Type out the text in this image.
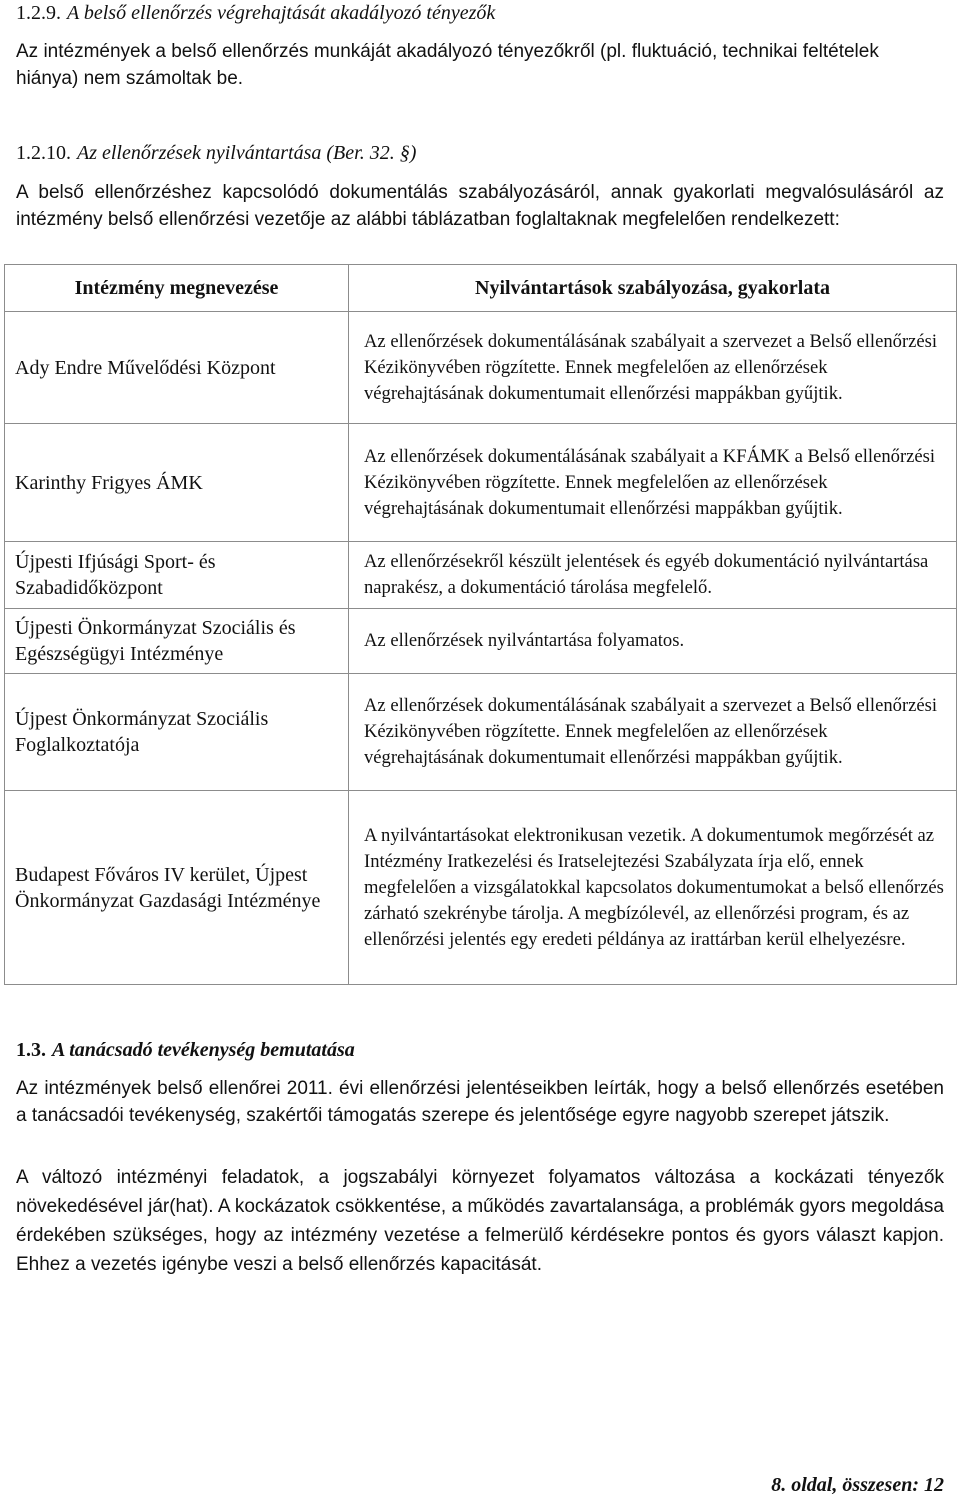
1.2.9. A belső ellenőrzés végrehajtását akadályozó tényezők

Az intézmények a belső ellenőrzés munkáját akadályozó tényezőkről (pl. fluktuáció, technikai feltételek hiánya) nem számoltak be.

1.2.10. Az ellenőrzések nyilvántartása (Ber. 32. §)

A belső ellenőrzéshez kapcsolódó dokumentálás szabályozásáról, annak gyakorlati megvalósulásáról az intézmény belső ellenőrzési vezetője az alábbi táblázatban foglaltaknak megfelelően rendelkezett:

1.3. A tanácsadó tevékenység bemutatása

Az intézmények belső ellenőrei 2011. évi ellenőrzési jelentéseikben leírták, hogy a belső ellenőrzés esetében a tanácsadói tevékenység, szakértői támogatás szerepe és jelentősége egyre nagyobb szerepet játszik.

A változó intézményi feladatok, a jogszabályi környezet folyamatos változása a kockázati tényezők növekedésével jár(hat). A kockázatok csökkentése, a működés zavartalansága, a problémák gyors megoldása érdekében szükséges, hogy az intézmény vezetése a felmerülő kérdésekre pontos és gyors választ kapjon. Ehhez a vezetés igénybe veszi a belső ellenőrzés kapacitását.

Intézmény megnevezése	Nyilvántartások szabályozása, gyakorlata
Ady Endre Művelődési Központ	Az ellenőrzések dokumentálásának szabályait a szervezet a Belső ellenőrzési Kézikönyvében rögzítette. Ennek megfelelően az ellenőrzések végrehajtásának dokumentumait ellenőrzési mappákban gyűjtik.
Karinthy Frigyes ÁMK	Az ellenőrzések dokumentálásának szabályait a KFÁMK a Belső ellenőrzési Kézikönyvében rögzítette. Ennek megfelelően az ellenőrzések végrehajtásának dokumentumait ellenőrzési mappákban gyűjtik.
Újpesti Ifjúsági Sport- és Szabadidőközpont	Az ellenőrzésekről készült jelentések és egyéb dokumentáció nyilvántartása naprakész, a dokumentáció tárolása megfelelő.
Újpesti Önkormányzat Szociális és Egészségügyi Intézménye	Az ellenőrzések nyilvántartása folyamatos.
Újpest Önkormányzat Szociális Foglalkoztatója	Az ellenőrzések dokumentálásának szabályait a szervezet a Belső ellenőrzési Kézikönyvében rögzítette. Ennek megfelelően az ellenőrzések végrehajtásának dokumentumait ellenőrzési mappákban gyűjtik.
Budapest Főváros IV kerület, Újpest Önkormányzat Gazdasági Intézménye	A nyilvántartásokat elektronikusan vezetik. A dokumentumok megőrzését az Intézmény Iratkezelési és Iratselejtezési Szabályzata írja elő, ennek megfelelően a vizsgálatokkal kapcsolatos dokumentumokat a belső ellenőrzés zárható szekrénybe tárolja. A megbízólevél, az ellenőrzési program, és az ellenőrzési jelentés egy eredeti példánya az irattárban kerül elhelyezésre.
8. oldal, összesen: 12
